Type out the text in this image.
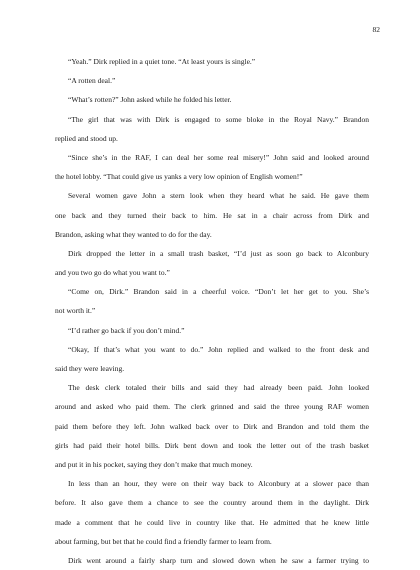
82
“Yeah.” Dirk replied in a quiet tone. “At least yours is single.”
“A rotten deal.”
“What’s rotten?” John asked while he folded his letter.
“The girl that was with Dirk is engaged to some bloke in the Royal Navy.” Brandon
replied and stood up.
“Since she’s in the RAF, I can deal her some real misery!” John said and looked around
the hotel lobby. “That could give us yanks a very low opinion of English women!”
Several women gave John a stern look when they heard what he said. He gave them
one back and they turned their back to him. He sat in a chair across from Dirk and
Brandon, asking what they wanted to do for the day.
Dirk dropped the letter in a small trash basket, “I’d just as soon go back to Alconbury
and you two go do what you want to.”
“Come on, Dirk.” Brandon said in a cheerful voice. “Don’t let her get to you. She’s
not worth it.”
“I’d rather go back if you don’t mind.”
“Okay, If that’s what you want to do.” John replied and walked to the front desk and
said they were leaving.
The desk clerk totaled their bills and said they had already been paid. John looked
around and asked who paid them. The clerk grinned and said the three young RAF women
paid them before they left. John walked back over to Dirk and Brandon and told them the
girls had paid their hotel bills. Dirk bent down and took the letter out of the trash basket
and put it in his pocket, saying they don’t make that much money.
In less than an hour, they were on their way back to Alconbury at a slower pace than
before. It also gave them a chance to see the country around them in the daylight. Dirk
made a comment that he could live in country like that. He admitted that he knew little
about farming, but bet that he could find a friendly farmer to learn from.
Dirk went around a fairly sharp turn and slowed down when he saw a farmer trying to
